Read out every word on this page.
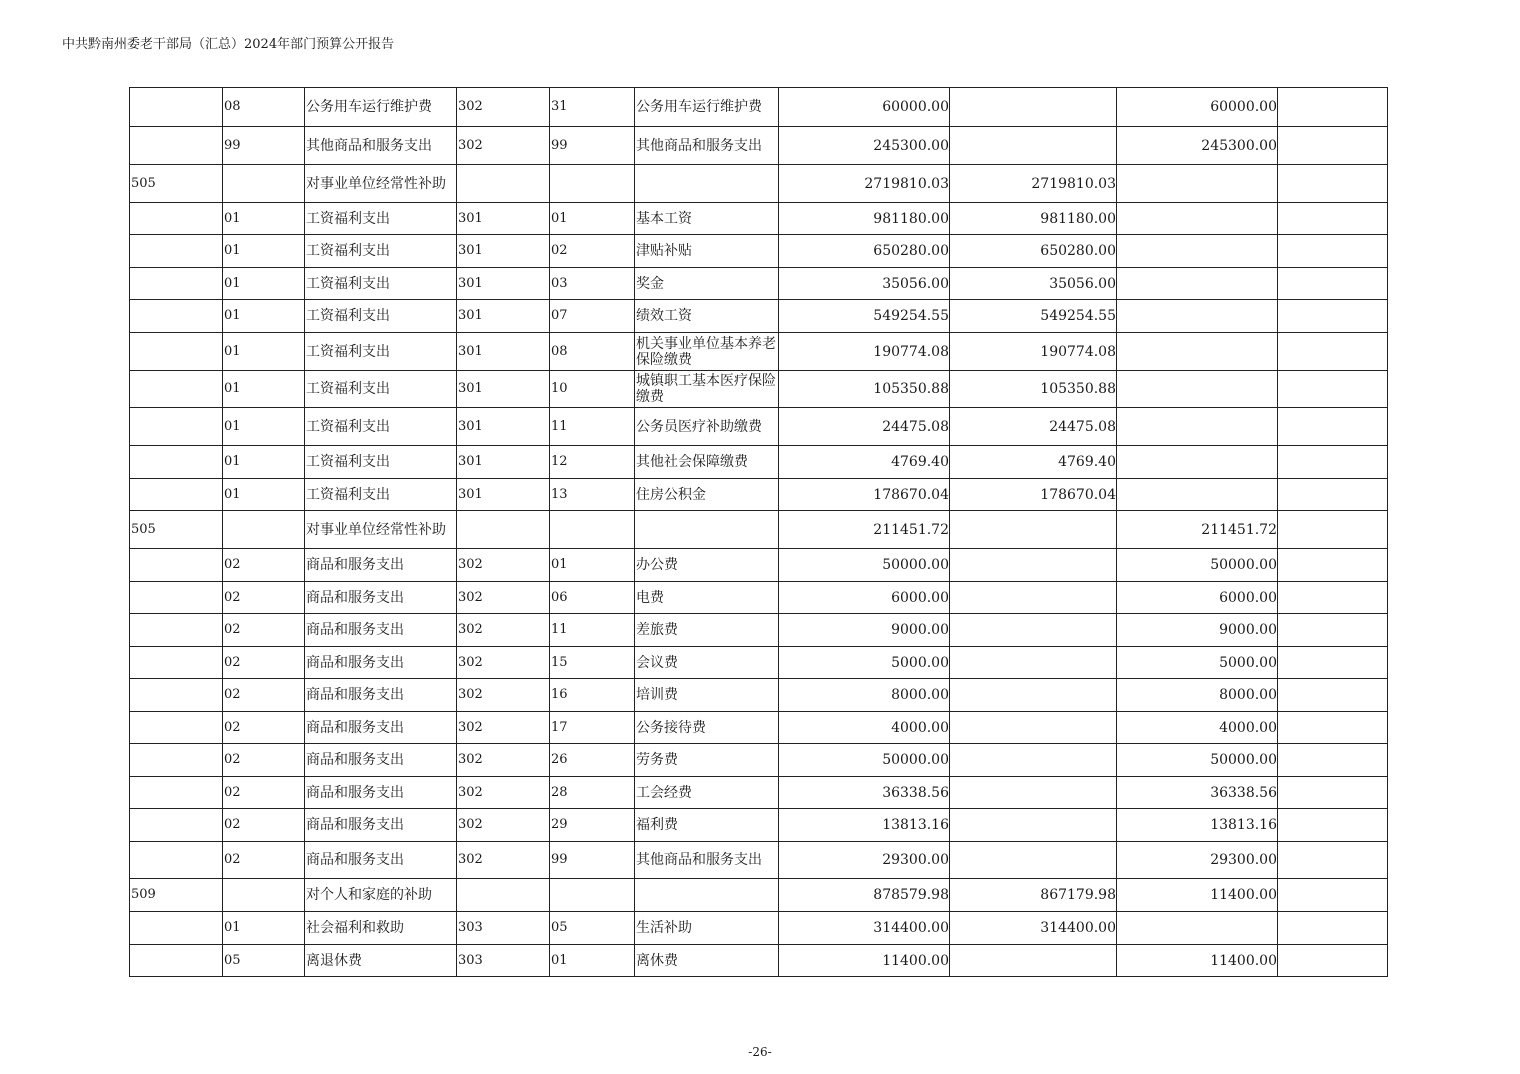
中共黔南州委老干部局（汇总）2024年部门预算公开报告
	08	公务用车运行维护费	302	31	公务用车运行维护费	60000.00		60000.00	
	99	其他商品和服务支出	302	99	其他商品和服务支出	245300.00		245300.00	
505		对事业单位经常性补助				2719810.03	2719810.03		
	01	工资福利支出	301	01	基本工资	981180.00	981180.00		
	01	工资福利支出	301	02	津贴补贴	650280.00	650280.00		
	01	工资福利支出	301	03	奖金	35056.00	35056.00		
	01	工资福利支出	301	07	绩效工资	549254.55	549254.55		
	01	工资福利支出	301	08	机关事业单位基本养老保险缴费	190774.08	190774.08		
	01	工资福利支出	301	10	城镇职工基本医疗保险缴费	105350.88	105350.88		
	01	工资福利支出	301	11	公务员医疗补助缴费	24475.08	24475.08		
	01	工资福利支出	301	12	其他社会保障缴费	4769.40	4769.40		
	01	工资福利支出	301	13	住房公积金	178670.04	178670.04		
505		对事业单位经常性补助				211451.72		211451.72	
	02	商品和服务支出	302	01	办公费	50000.00		50000.00	
	02	商品和服务支出	302	06	电费	6000.00		6000.00	
	02	商品和服务支出	302	11	差旅费	9000.00		9000.00	
	02	商品和服务支出	302	15	会议费	5000.00		5000.00	
	02	商品和服务支出	302	16	培训费	8000.00		8000.00	
	02	商品和服务支出	302	17	公务接待费	4000.00		4000.00	
	02	商品和服务支出	302	26	劳务费	50000.00		50000.00	
	02	商品和服务支出	302	28	工会经费	36338.56		36338.56	
	02	商品和服务支出	302	29	福利费	13813.16		13813.16	
	02	商品和服务支出	302	99	其他商品和服务支出	29300.00		29300.00	
509		对个人和家庭的补助				878579.98	867179.98	11400.00	
	01	社会福利和救助	303	05	生活补助	314400.00	314400.00		
	05	离退休费	303	01	离休费	11400.00		11400.00	
-26-
